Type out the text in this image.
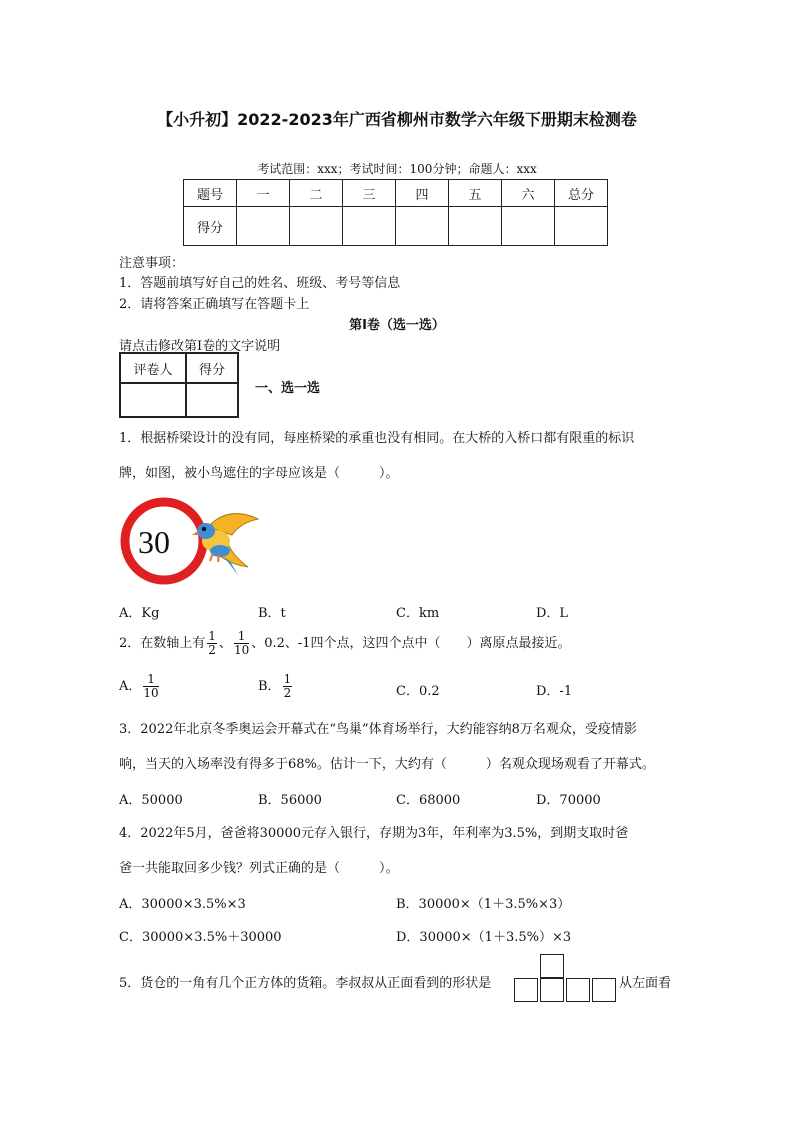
【小升初】2022-2023年广西省柳州市数学六年级下册期末检测卷
考试范围：xxx；考试时间：100分钟；命题人：xxx
题号	一	二	三	四	五	六	总分
得分							
注意事项：
1．答题前填写好自己的姓名、班级、考号等信息
2．请将答案正确填写在答题卡上
第I卷（选一选）
请点击修改第I卷的文字说明
评卷人	得分

一、选一选
1．根据桥梁设计的没有同，每座桥梁的承重也没有相同。在大桥的入桥口都有限重的标识
牌，如图，被小鸟遮住的字母应该是（　　　）。
30
A．Kg	B．t	C．km	D．L
2．在数轴上有 $\frac{1}{2}$ 、 $\frac{1}{10}$ 、0.2、-1四个点，这四个点中（　　）离原点最接近。
A． $\frac{1}{10}$	B． $\frac{1}{2}$	C．0.2	D．-1
3．2022年北京冬季奥运会开幕式在“鸟巢”体育场举行，大约能容纳8万名观众，受疫情影
响，当天的入场率没有得多于68%。估计一下，大约有（　　　）名观众现场观看了开幕式。
A．50000	B．56000	C．68000	D．70000
4．2022年5月，爸爸将30000元存入银行，存期为3年，年利率为3.5%，到期支取时爸
爸一共能取回多少钱？列式正确的是（　　　）。
A．30000×3.5%×3	B．30000×（1＋3.5%×3）
C．30000×3.5%＋30000	D．30000×（1＋3.5%）×3
5．货仓的一角有几个正方体的货箱。李叔叔从正面看到的形状是	从左面看
